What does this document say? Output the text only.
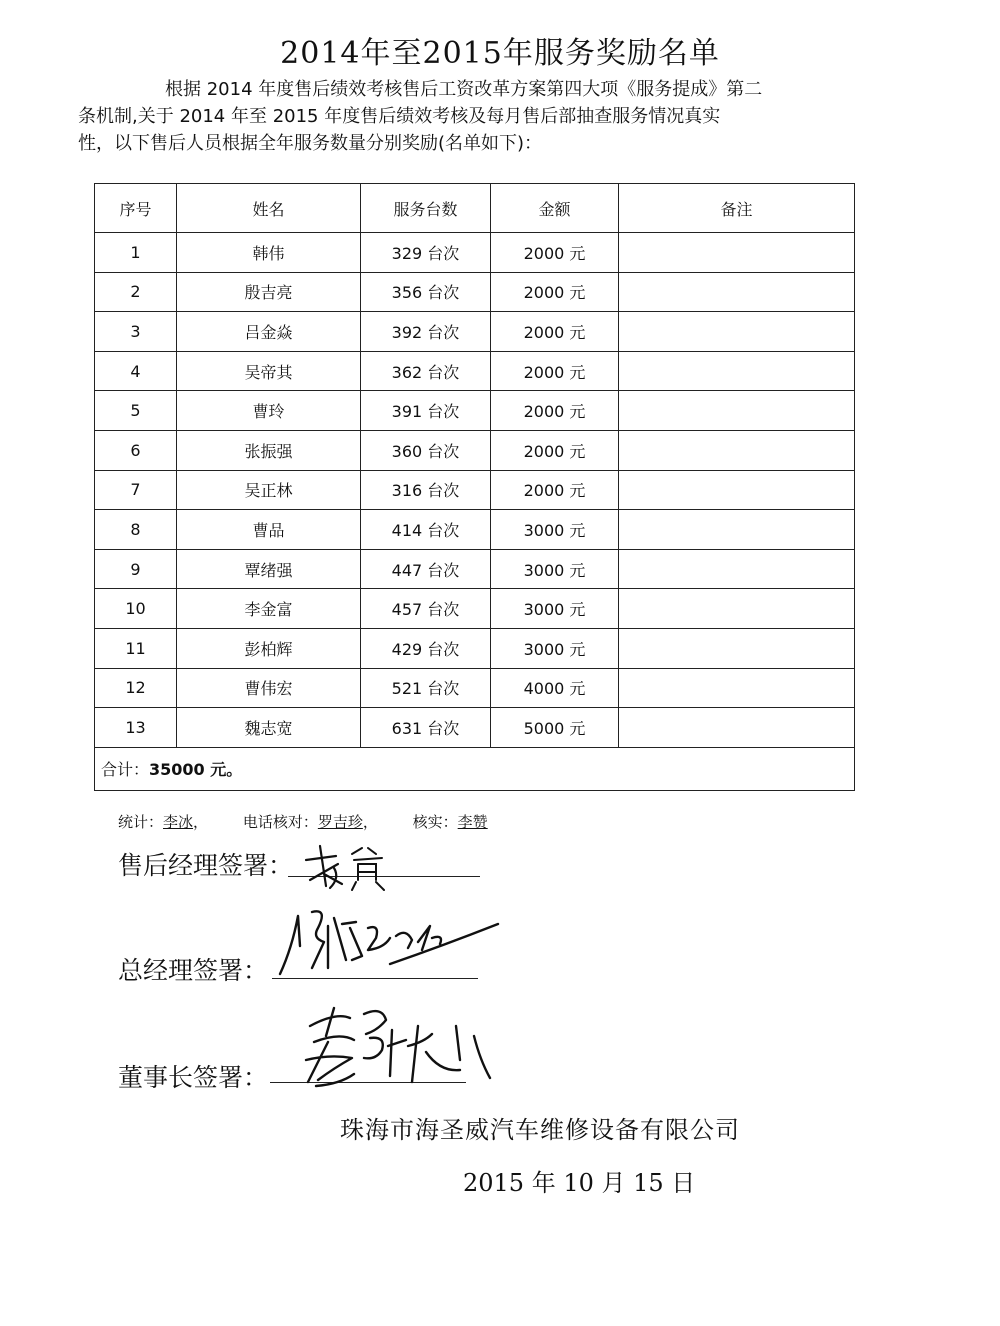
2014年至2015年服务奖励名单
根据 2014 年度售后绩效考核售后工资改革方案第四大项《服务提成》第二
条机制,关于 2014 年至 2015 年度售后绩效考核及每月售后部抽查服务情况真实
性，以下售后人员根据全年服务数量分别奖励(名单如下)：
序号	姓名	服务台数	金额	备注
1	韩伟	329 台次	2000 元	
2	殷吉亮	356 台次	2000 元	
3	吕金焱	392 台次	2000 元	
4	吴帝其	362 台次	2000 元	
5	曹玲	391 台次	2000 元	
6	张振强	360 台次	2000 元	
7	吴正林	316 台次	2000 元	
8	曹品	414 台次	3000 元	
9	覃绪强	447 台次	3000 元	
10	李金富	457 台次	3000 元	
11	彭柏辉	429 台次	3000 元	
12	曹伟宏	521 台次	4000 元	
13	魏志宽	631 台次	5000 元	
合计：35000 元。				
统计：李冰， 电话核对：罗吉珍， 核实：李赞
售后经理签署：
总经理签署：
董事长签署：
珠海市海圣威汽车维修设备有限公司
2015 年 10 月 15 日
